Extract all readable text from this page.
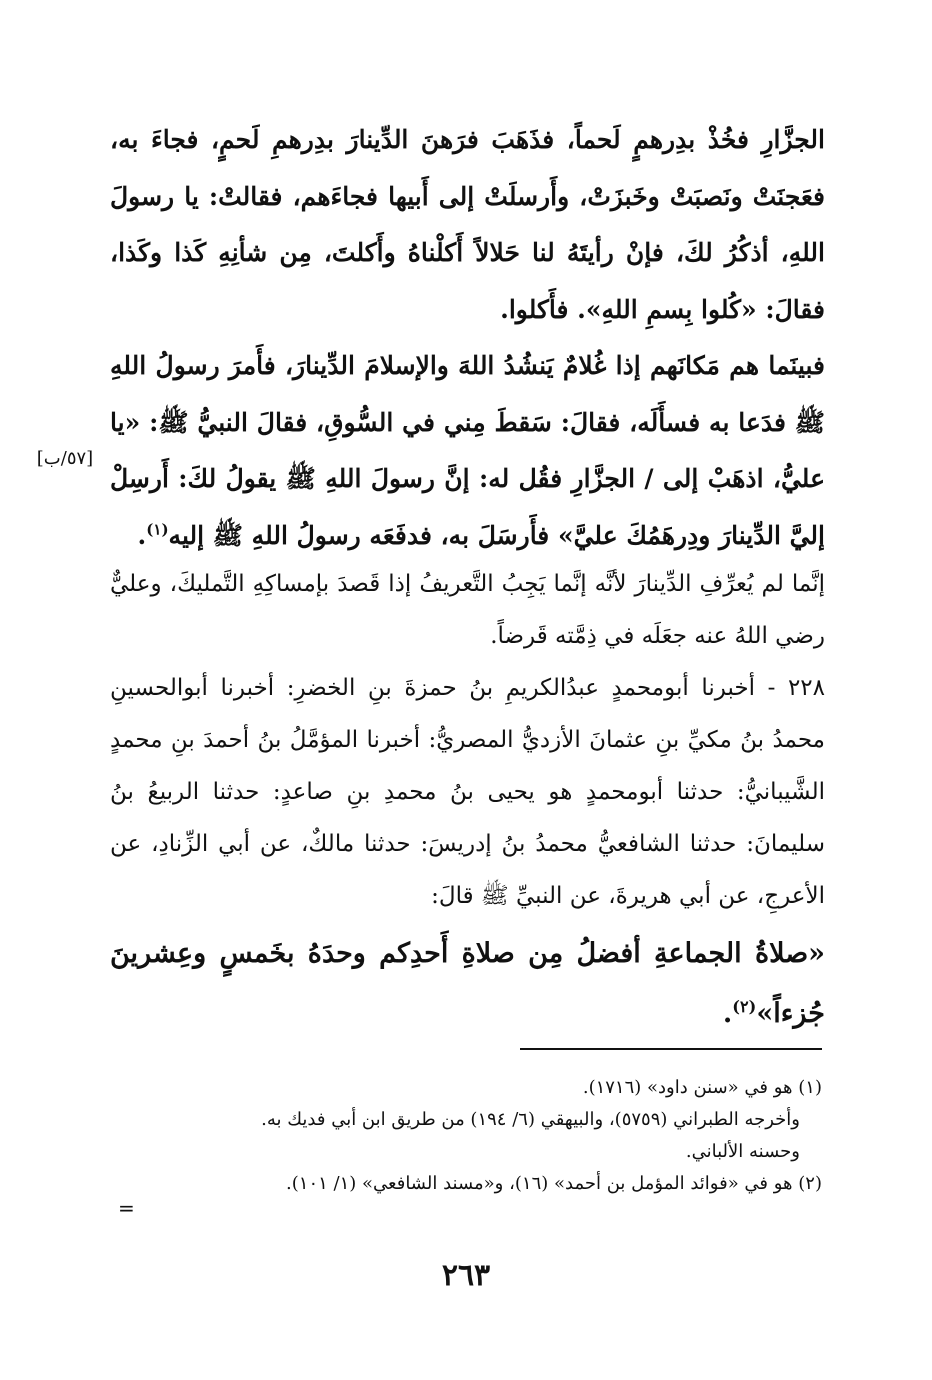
الجزَّارِ فخُذْ بدِرهمٍ لَحماً، فذَهَبَ فرَهنَ الدِّينارَ بدِرهمِ لَحمٍ، فجاءَ به، فعَجنَتْ ونَصبَتْ وخَبزَتْ، وأَرسلَتْ إلى أَبيها فجاءَهم، فقالتْ: يا رسولَ اللهِ، أذكُرُ لكَ، فإنْ رأيتَهُ لنا حَلالاً أَكلْناهُ وأَكلتَ، مِن شأنِهِ كَذا وكَذا، فقالَ: «كُلوا بِسمِ اللهِ». فأَكلوا.

فبينَما هم مَكانَهم إذا غُلامٌ يَنشُدُ اللهَ والإسلامَ الدِّينارَ، فأَمرَ رسولُ اللهِ ﷺ فدَعا به فسأَلَه، فقالَ: سَقطَ مِني في السُّوقِ، فقالَ النبيُّ ﷺ: «يا عليُّ، اذهَبْ إلى / الجزَّارِ فقُل له: إنَّ رسولَ اللهِ ﷺ يقولُ لكَ: أَرسِلْ إليَّ الدِّينارَ ودِرهَمُكَ عليَّ» فأَرسَلَ به، فدفَعَه رسولُ اللهِ ﷺ إليه$^{(١)}$.

[٥٧/ب]

إنَّما لم يُعرِّفِ الدِّينارَ لأنَّه إنَّما يَجِبُ التَّعريفُ إذا قَصدَ بإمساكِهِ التَّمليكَ، وعليٌّ رضي اللهُ عنه جعَلَه في ذِمَّته قَرضاً.

٢٢٨ - أخبرنا أبومحمدٍ عبدُالكريمِ بنُ حمزةَ بنِ الخضرِ: أخبرنا أبوالحسينِ محمدُ بنُ مكيِّ بنِ عثمانَ الأزديُّ المصريُّ: أخبرنا المؤمَّلُ بنُ أحمدَ بنِ محمدٍ الشَّيبانيُّ: حدثنا أبومحمدٍ هو يحيى بنُ محمدِ بنِ صاعدٍ: حدثنا الربيعُ بنُ سليمانَ: حدثنا الشافعيُّ محمدُ بنُ إدريسَ: حدثنا مالكٌ، عن أبي الزِّنادِ، عن الأعرجِ، عن أبي هريرةَ، عن النبيِّ ﷺ قالَ:

«صلاةُ الجماعةِ أفضلُ مِن صلاةِ أَحدِكم وحدَهُ بخَمسٍ وعِشرينَ جُزءاً»$^{(٢)}$.

(١) هو في «سنن داود» (١٧١٦).
وأخرجه الطبراني (٥٧٥٩)، والبيهقي (٦/ ١٩٤) من طريق ابن أبي فديك به.
وحسنه الألباني.
(٢) هو في «فوائد المؤمل بن أحمد» (١٦)، و«مسند الشافعي» (١/ ١٠١).
=
٢٦٣
